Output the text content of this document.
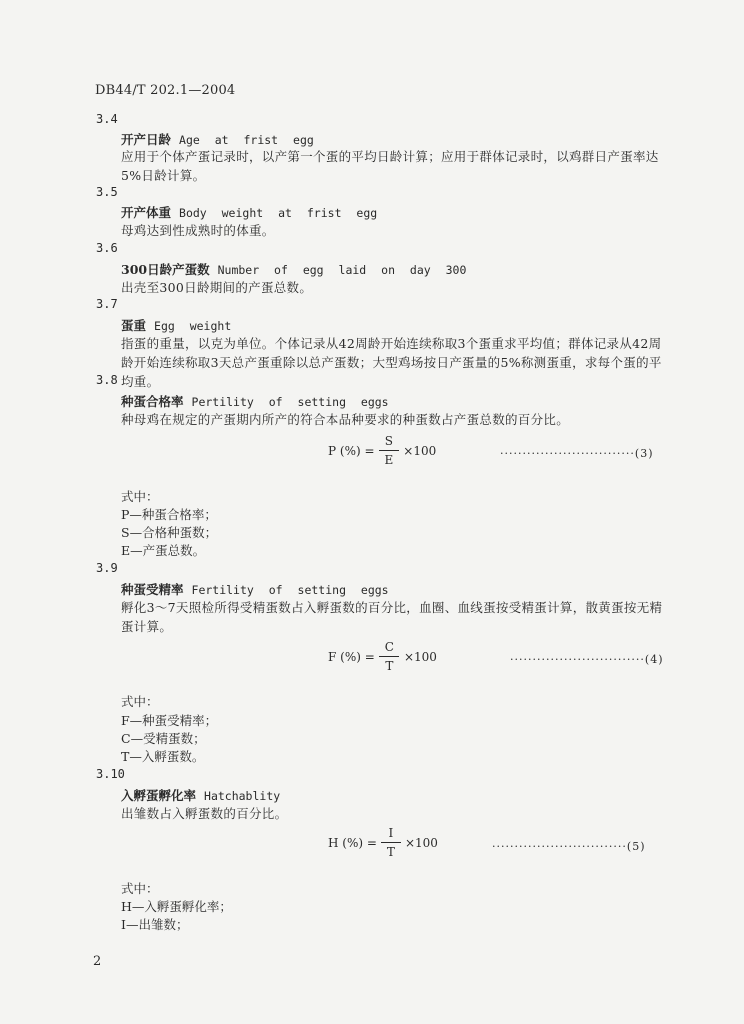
DB44/T 202.1—2004
3.4
开产日龄 Age at frist egg
应用于个体产蛋记录时，以产第一个蛋的平均日龄计算；应用于群体记录时，以鸡群日产蛋率达5%日龄计算。
3.5
开产体重 Body weight at frist egg
母鸡达到性成熟时的体重。
3.6
300日龄产蛋数 Number of egg laid on day 300
出壳至300日龄期间的产蛋总数。
3.7
蛋重 Egg weight
指蛋的重量，以克为单位。个体记录从42周龄开始连续称取3个蛋重求平均值；群体记录从42周龄开始连续称取3天总产蛋重除以总产蛋数；大型鸡场按日产蛋量的5%称测蛋重，求每个蛋的平均重。
3.8
种蛋合格率 Pertility of setting eggs
种母鸡在规定的产蛋期内所产的符合本品种要求的种蛋数占产蛋总数的百分比。
P (%) = $\frac{S}{E} \times 100$	······························(3)
式中：
P—种蛋合格率；
S—合格种蛋数；
E—产蛋总数。
3.9
种蛋受精率 Fertility of setting eggs
孵化3～7天照检所得受精蛋数占入孵蛋数的百分比，血圈、血线蛋按受精蛋计算，散黄蛋按无精蛋计算。
F (%) = $\frac{C}{T} \times 100$	······························(4)
式中：
F—种蛋受精率；
C—受精蛋数；
T—入孵蛋数。
3.10
入孵蛋孵化率 Hatchablity
出雏数占入孵蛋数的百分比。
H (%) = $\frac{I}{T} \times 100$	······························(5)
式中：
H—入孵蛋孵化率；
I—出雏数；
2
